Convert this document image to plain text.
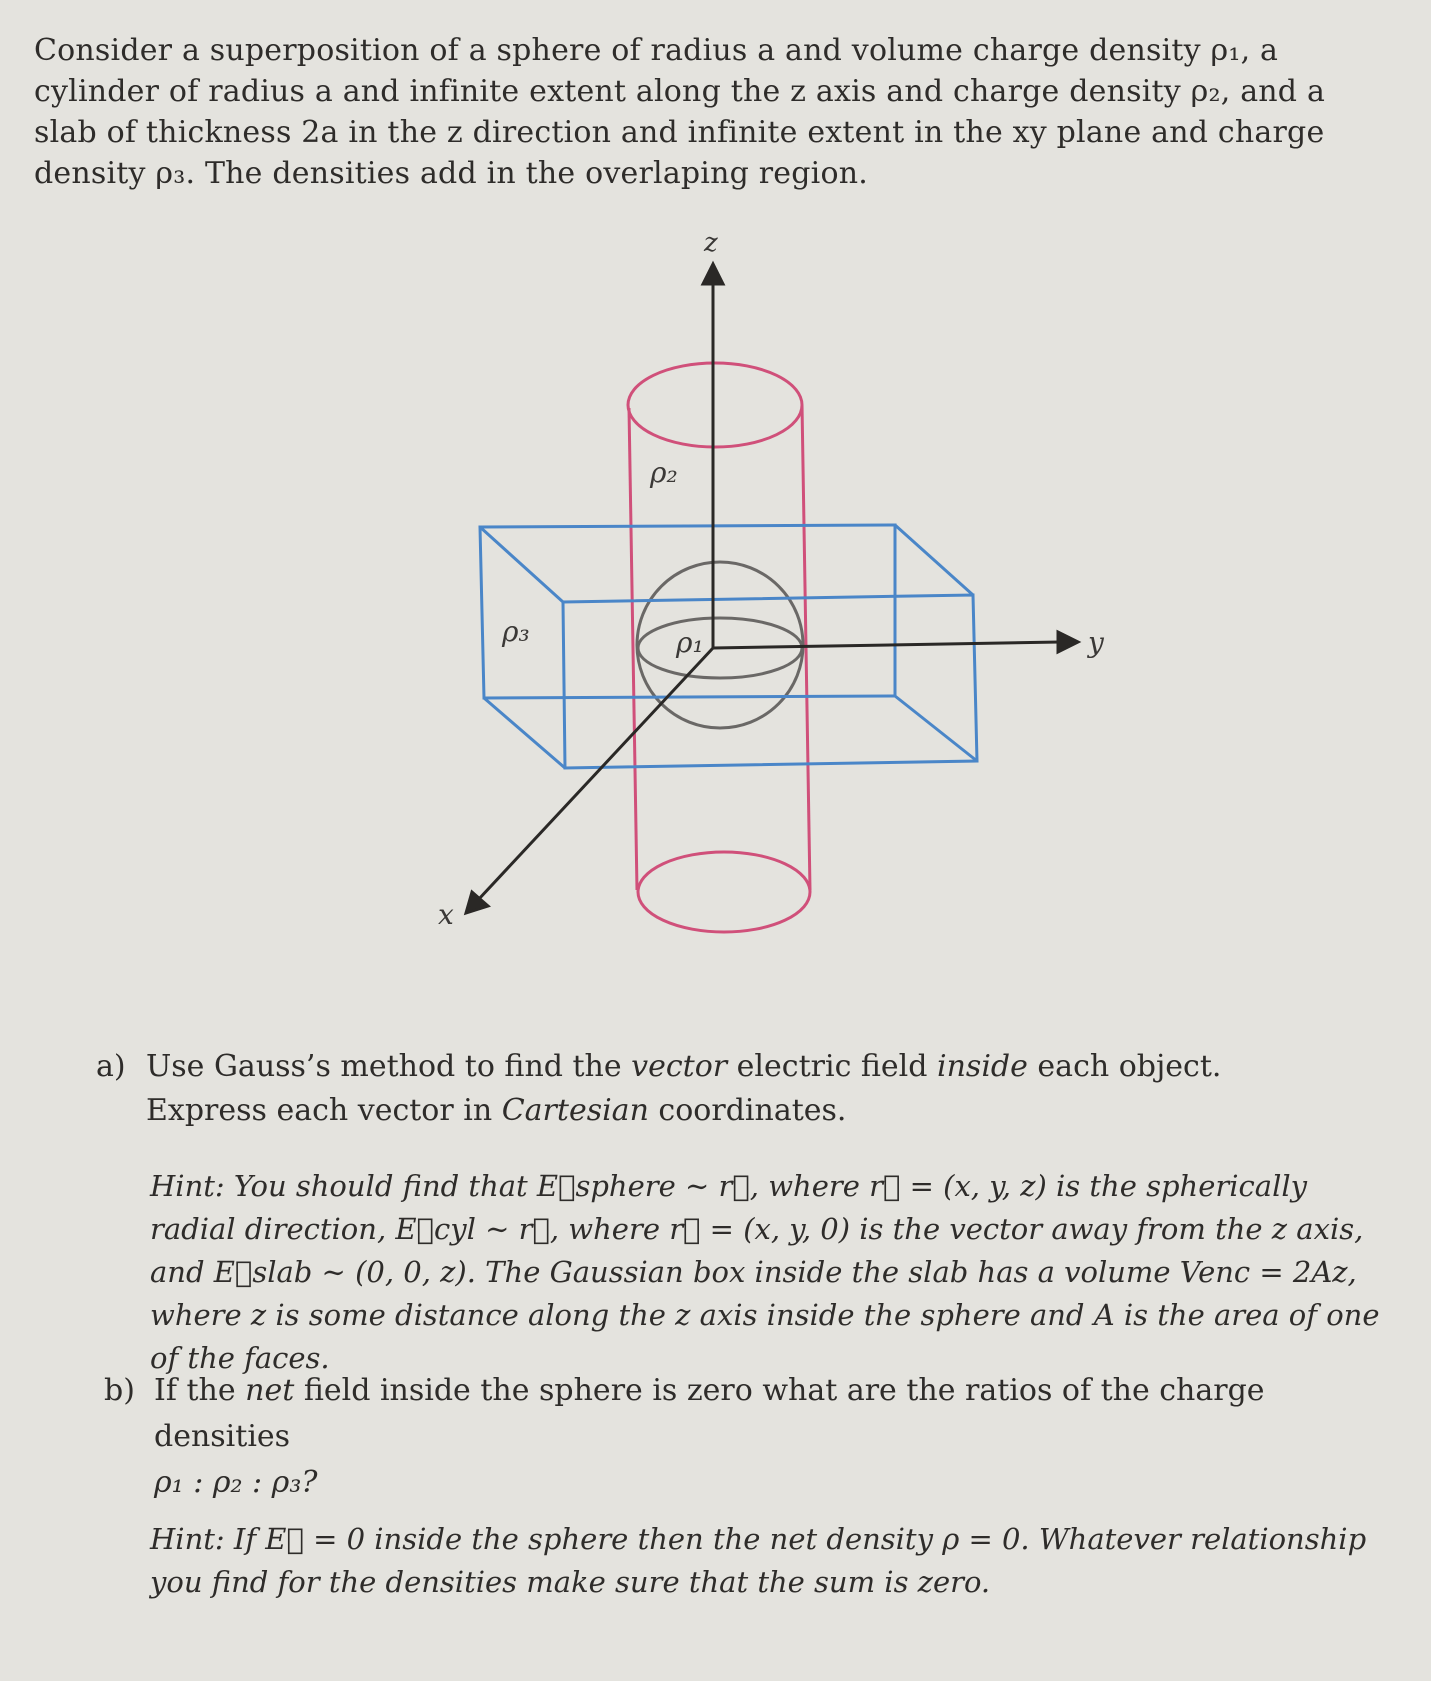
Consider a superposition of a sphere of radius a and volume charge density ρ₁, a cylinder of radius a and infinite extent along the z axis and charge density ρ₂, and a slab of thickness 2a in the z direction and infinite extent in the xy plane and charge density ρ₃. The densities add in the overlaping region.

z
y
x
ρ₂
ρ₃	ρ₁
a) Use Gauss’s method to find the vector electric field inside each object.
Express each vector in Cartesian coordinates.

Hint: You should find that E⃗sphere ∼ r⃗, where r⃗ = (x, y, z) is the spherically radial direction, E⃗cyl ∼ r⃗, where r⃗ = (x, y, 0) is the vector away from the z axis, and E⃗slab ∼ (0, 0, z). The Gaussian box inside the slab has a volume Venc = 2Az, where z is some distance along the z axis inside the sphere and A is the area of one of the faces.

b) If the net field inside the sphere is zero what are the ratios of the charge densities
ρ₁ : ρ₂ : ρ₃?

Hint: If E⃗ = 0 inside the sphere then the net density ρ = 0. Whatever relationship you find for the densities make sure that the sum is zero.
